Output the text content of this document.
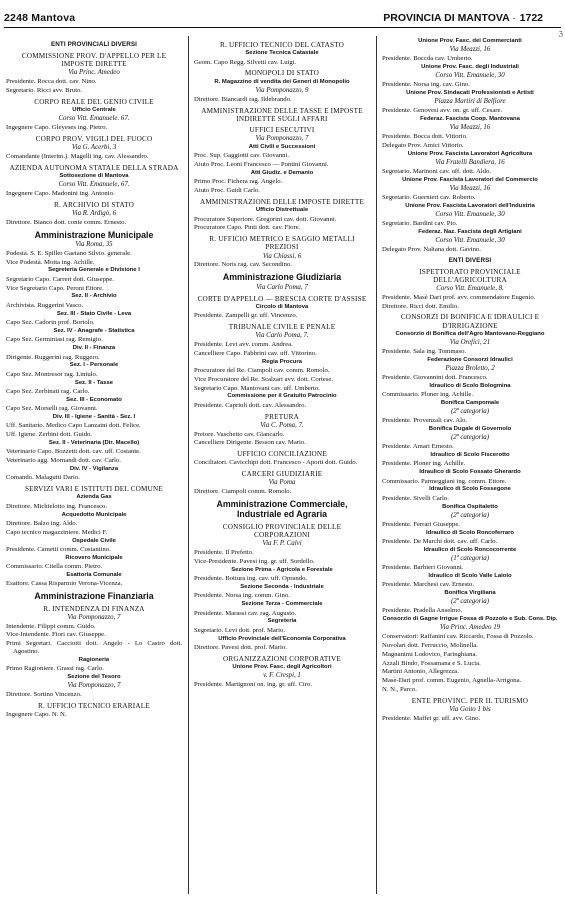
2248 Mantova	PROVINCIA DI MANTOVA · 1722
ℨ
ENTI PROVINCIALI DIVERSI
COMMISSIONE PROV. D'APPELLO PER LE IMPOSTE DIRETTE
Via Princ. Amedeo
Presidente. Rocca dott. cav. Nino.
Segretario. Ricci avv. Bruto.
CORPO REALE DEL GENIO CIVILE
Ufficio Centrale
Corso Vitt. Emanuele. 67.
Ingegnere Capo. Gleyeses ing. Pietro.
CORPO PROV. VIGILI DEL FUOCO
Via G. Acerbi, 3
Comandante (Interim.). Magelli ing. cav. Alessandro.
AZIENDA AUTONOMA STATALE DELLA STRADA
Sottosezione di Mantova
Corso Vitt. Emanuele, 67.
Ingegnere Capo. Madonini ing. Antonio.
R. ARCHIVIO DI STATO
Via R. Ardigò, 6
Direttore. Bianco dott. conte comm. Ernesto.
Amministrazione Municipale
Via Roma, 35
Podestà. S. E. Spiller Gaetano Silvio. generale.
Vice Podestà. Motta ing. Achille.
Segreteria Generale e Divisione I
Segretario Capo. Carreri dott. Giuseppe.
Vice Segretario Capo. Peroni Ettore.
Sez. II - Archivio
Archivista. Ruggerini Vasco.
Sez. III - Stato Civile - Leva
Capo Sez. Cadorin prof. Bortolo.
Sez. IV - Anagrafe - Statistica
Capo Sez. Germiniasi rag. Remigio.
Div. II - Finanza
Dirigente. Ruggerini rag. Ruggero.
Sez. I - Personale
Capo Sez. Montresor rag. Lintulo.
Sez. II - Tasse
Capo Sez. Zerbinati rag. Carlo.
Sez. III - Economato
Capo Sez. Morselli rag. Giovanni.
Div. III - Igiene - Sanità - Sez. I
Uff. Sanitario. Medico Capo Lanzaini dott. Felice.
Uff. Igiene. Zerbini dott. Guido.
Sez. II - Veterinaria (Dir. Macello)
Veterinario Capo. Bozzetti dott. cav. uff. Costante.
Veterinario agg. Mornandi dott. cav. Carlo.
Div. IV - Vigilanza
Comando. Malagutti Dario.
SERVIZI VARI E ISTITUTI DEL COMUNE
Azienda Gas
Direttore. Michielotto ing. Francesco.
Acquedotto Municipale
Direttore. Balzo ing. Aldo.
Capo tecnico magazziniere. Medici F.
Ospedale Civile
Presidente. Cametti comm. Costantino.
Ricovero Municipale
Commissario. Citella comm. Pietro.
Esattoria Comunale
Esattore. Cassa Risparmio Verona-Vicenza.
Amministrazione Finanziaria
R. INTENDENZA DI FINANZA
Via Pomponazzo, 7
Intendente. Filippi comm. Guido.
Vice-Intendente. Fiori cav. Giuseppe.
Primi Segretari. Cacciotti dott. Angelo - Lo Castro dott. Agostino.
Ragioneria
Primo Ragioniere. Grassi rag. Carlo.
Sezione del Tesoro
Via Pomponazzo, 7
Direttore. Sortino Vincenzo.
R. UFFICIO TECNICO ERARIALE
Ingegnere Capo. N. N.
R. UFFICIO TECNICO DEL CATASTO
Sezione Tecnica Catastale
Geom. Capo Regg. Silvetti cav. Luigi.
MONOPOLI DI STATO
R. Magazzino di vendita dei Generi di Monopolio
Via Pomponazzo, 9
Direttore. Biancardi rag. Ildebrando.
AMMINISTRAZIONE DELLE TASSE E IMPOSTE INDIRETTE SUGLI AFFARI
UFFICI ESECUTIVI
Via Pomponazzo, 7
Atti Civili e Successioni
Proc. Sup. Gaggiotti cav. Giovanni.
Aiuto Proc. Leoni Francesco — Pontini Giovanni.
Atti Giudiz. e Demanio
Primo Proc. Fichera rag. Angelo.
Aiuto Proc. Guidi Carlo.
AMMINISTRAZIONE DELLE IMPOSTE DIRETTE
Ufficio Distrettuale
Procuratore Superiore. Gregorini cav. dott. Giovanni.
Procuratore Capo. Pinti dott. cav. Fiore.
R. UFFICIO METRICO E SAGGIO METALLI PREZIOSI
Via Chiassi, 6
Direttore. Noris rag. cav. Secondino.
Amministrazione Giudiziaria
Via Carlo Poma, 7
CORTE D'APPELLO — BRESCIA CORTE D'ASSISE
Circolo di Mantova
Presidente. Zampelli gr. uff. Vincenzo.
TRIBUNALE CIVILE E PENALE
Via Carlo Poma, 7.
Presidente. Levi avv. comm. Andrea.
Cancelliere Capo. Fabbrini cav. uff. Vittorino.
Regia Procura
Procuratore del Re. Ciampoli cav. comm. Romolo.
Vice Procuratore del Re. Scalzari avv. dott. Cortese.
Segretario Capo. Mantovani cav. uff. Umberto.
Commissione per il Gratuito Patrocinio
Presidente. Caprioli dott. cav. Alessandro.
PRETURA
Via C. Poma, 7.
Pretore. Vaschetto cav. Giancarlo.
Cancelliere Dirigente. Besson cav. Mario.
UFFICIO CONCILIAZIONE
Conciliatori. Cavicchipi dott. Francesco - Aporti dott. Guido.
CARCERI GIUDIZIARIE
Via Poma
Direttore. Ciampoli comm. Romolo.
Amministrazione Commerciale, Industriale ed Agraria
CONSIGLIO PROVINCIALE DELLE CORPORAZIONI
Via F. P. Calvi
Presidente. Il Prefetto.
Vice-Presidente. Pavesi ing. gr. uff. Sordello.
Sezione Prima - Agricola e Forestale
Presidente. Bottura ing. cav. uff. Oprando.
Sezione Seconda - Industriale
Presidente. Norsa ing. comm. Gino.
Sezione Terza - Commerciale
Presidente. Marassi cav. rag. Augusto.
Segreteria
Segretario. Levi dott. prof. Mario.
Ufficio Provinciale dell'Economia Corporativa
Direttore. Pavesi dott. prof. Mario.
ORGANIZZAZIONI CORPORATIVE
Unione Prov. Fasc. degli Agricoltori
v. F. Crespi, 1
Presidente. Martignoni on. ing. gr. uff. Ciro.
Unione Prov. Fasc. dei Commercianti
Via Meazzi, 16
Presidente. Boccda cav. Umberto.
Unione Prov. Fasc. degli Industriali
Corso Vitt. Emanuele, 30
Presidente. Norsa ing. cav. Gino.
Unione Prov. Sindacati Professionisti e Artisti
Piazza Martiri di Belfiore
Presidente. Genovesi avv. on. gr. uff. Cesare.
Federaz. Fascista Coop. Mantovana
Via Meazzi, 16
Presidente. Bocca dott. Vittorio.
Delegato Prov. Amici Vittorio.
Unione Prov. Fascista Lavoratori Agricoltura
Via Fratelli Bandiera, 16
Segretario. Marinoni cav. uff. dott. Aldo.
Unione Prov. Fascista Lavoratori del Commercio
Via Meazzi, 16
Segretario. Guernieri cav. Roberto.
Unione Prov. Fascista Lavoratori dell'Industria
Corso Vitt. Emanuele, 30
Segretario. Bardini cav. Pio.
Federaz. Naz. Fascista degli Artigiani
Corso Vitt. Emanuele, 30
Delegato Prov. Naltana dott. Gavino.
ENTI DIVERSI
ISPETTORATO PROVINCIALE DELL'AGRICOLTURA
Corso Vitt. Emanuele, 8.
Presidente. Masè Dari prof. avv. commendatore Eugenio.
Direttore. Ricci dott. Emilio.
CONSORZI DI BONIFICA E IDRAULICI E D'IRRIGAZIONE
Consorzio di Bonifica dell'Agro Mantovano-Reggiano
Via Oreficì, 21
Presidente. Sala ing. Tommaso.
Federazione Consorzi Idraulici
Piazza Broletto, 2
Presidente. Giovannini dott. Francesco.
Idraulico di Scolo Bologmina
Commissario. Ploner ing. Achille.
Bonifica Campomale
(2ª categoria)
Presidente. Provenzali cav. Alo.
Bonifica Dugale di Governolo
(2ª categoria)
Presidente. Amari Ernesto.
Idraulico di Scolo Fiscerotto
Presidente. Ploner ing. Achille.
Idraulico di Scolo Fossato Gherardo
Commissario. Parmeggiani ing. comm. Ettore.
Idraulico di Scolo Fossegone
Presidente. Sivelli Carlo.
Bonifica Ospitaletto
(2ª categoria)
Presidente. Ferrari Giuseppe.
Idraulico di Scolo Roncoferraro
Presidente. De Marchi dott. cav. uff. Carlo.
Idraulico di Scolo Roncocorrente
(1ª categoria)
Presidente. Barbieri Giovanni.
Idraulico di Scolo Valle Laiolo
Presidente. Marchesi cav. Ernesto.
Bonifica Virgiliana
(2ª categoria)
Presidente. Pradella Anselmo.
Consorzio di Gagne Irrigue Fossa di Pozzolo e Sub. Cons. Dip.
Via Princ. Amedeo 19
Conservatori: Raffanini cav. Riccardo, Fossa di Pozzolo.
Nuvolari dott. Ferruccio, Molinella.
Magnanimi Lodovico, Faringhiana.
Azzali Bindo, Fossamana e S. Lucia.
Martini Antonio, Allegrezza.
Masè-Dari prof. comm. Eugenio, Agnella-Arrigona.
N. N., Parco.
ENTE PROVINC. PER IL TURISMO
Via Goito 1 bis
Presidente. Maffei gr. uff. avv. Gino.
